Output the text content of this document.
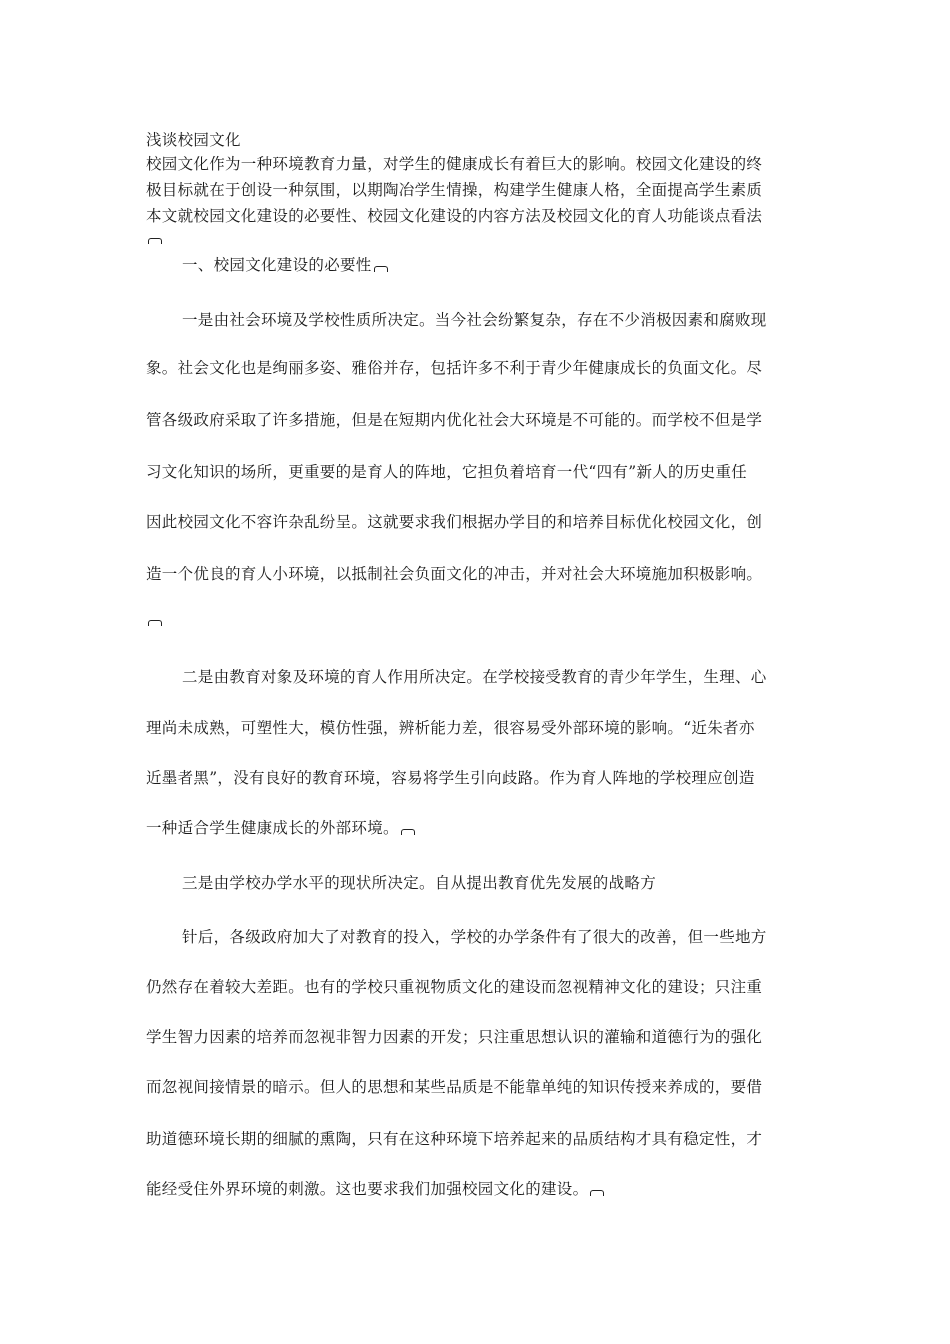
浅谈校园文化
校园文化作为一种环境教育力量，对学生的健康成长有着巨大的影响。校园文化建设的终
极目标就在于创设一种氛围，以期陶冶学生情操，构建学生健康人格，全面提高学生素质
本文就校园文化建设的必要性、校园文化建设的内容方法及校园文化的育人功能谈点看法
一、校园文化建设的必要性
一是由社会环境及学校性质所决定。当今社会纷繁复杂，存在不少消极因素和腐败现
象。社会文化也是绚丽多姿、雅俗并存，包括许多不利于青少年健康成长的负面文化。尽
管各级政府采取了许多措施，但是在短期内优化社会大环境是不可能的。而学校不但是学
习文化知识的场所，更重要的是育人的阵地，它担负着培育一代“四有”新人的历史重任
因此校园文化不容许杂乱纷呈。这就要求我们根据办学目的和培养目标优化校园文化，创
造一个优良的育人小环境，以抵制社会负面文化的冲击，并对社会大环境施加积极影响。
二是由教育对象及环境的育人作用所决定。在学校接受教育的青少年学生，生理、心
理尚未成熟，可塑性大，模仿性强，辨析能力差，很容易受外部环境的影响。“近朱者亦
近墨者黑”，没有良好的教育环境，容易将学生引向歧路。作为育人阵地的学校理应创造
一种适合学生健康成长的外部环境。
三是由学校办学水平的现状所决定。自从提出教育优先发展的战略方
针后，各级政府加大了对教育的投入，学校的办学条件有了很大的改善，但一些地方
仍然存在着较大差距。也有的学校只重视物质文化的建设而忽视精神文化的建设；只注重
学生智力因素的培养而忽视非智力因素的开发；只注重思想认识的灌输和道德行为的强化
而忽视间接情景的暗示。但人的思想和某些品质是不能靠单纯的知识传授来养成的，要借
助道德环境长期的细腻的熏陶，只有在这种环境下培养起来的品质结构才具有稳定性，才
能经受住外界环境的刺激。这也要求我们加强校园文化的建设。
